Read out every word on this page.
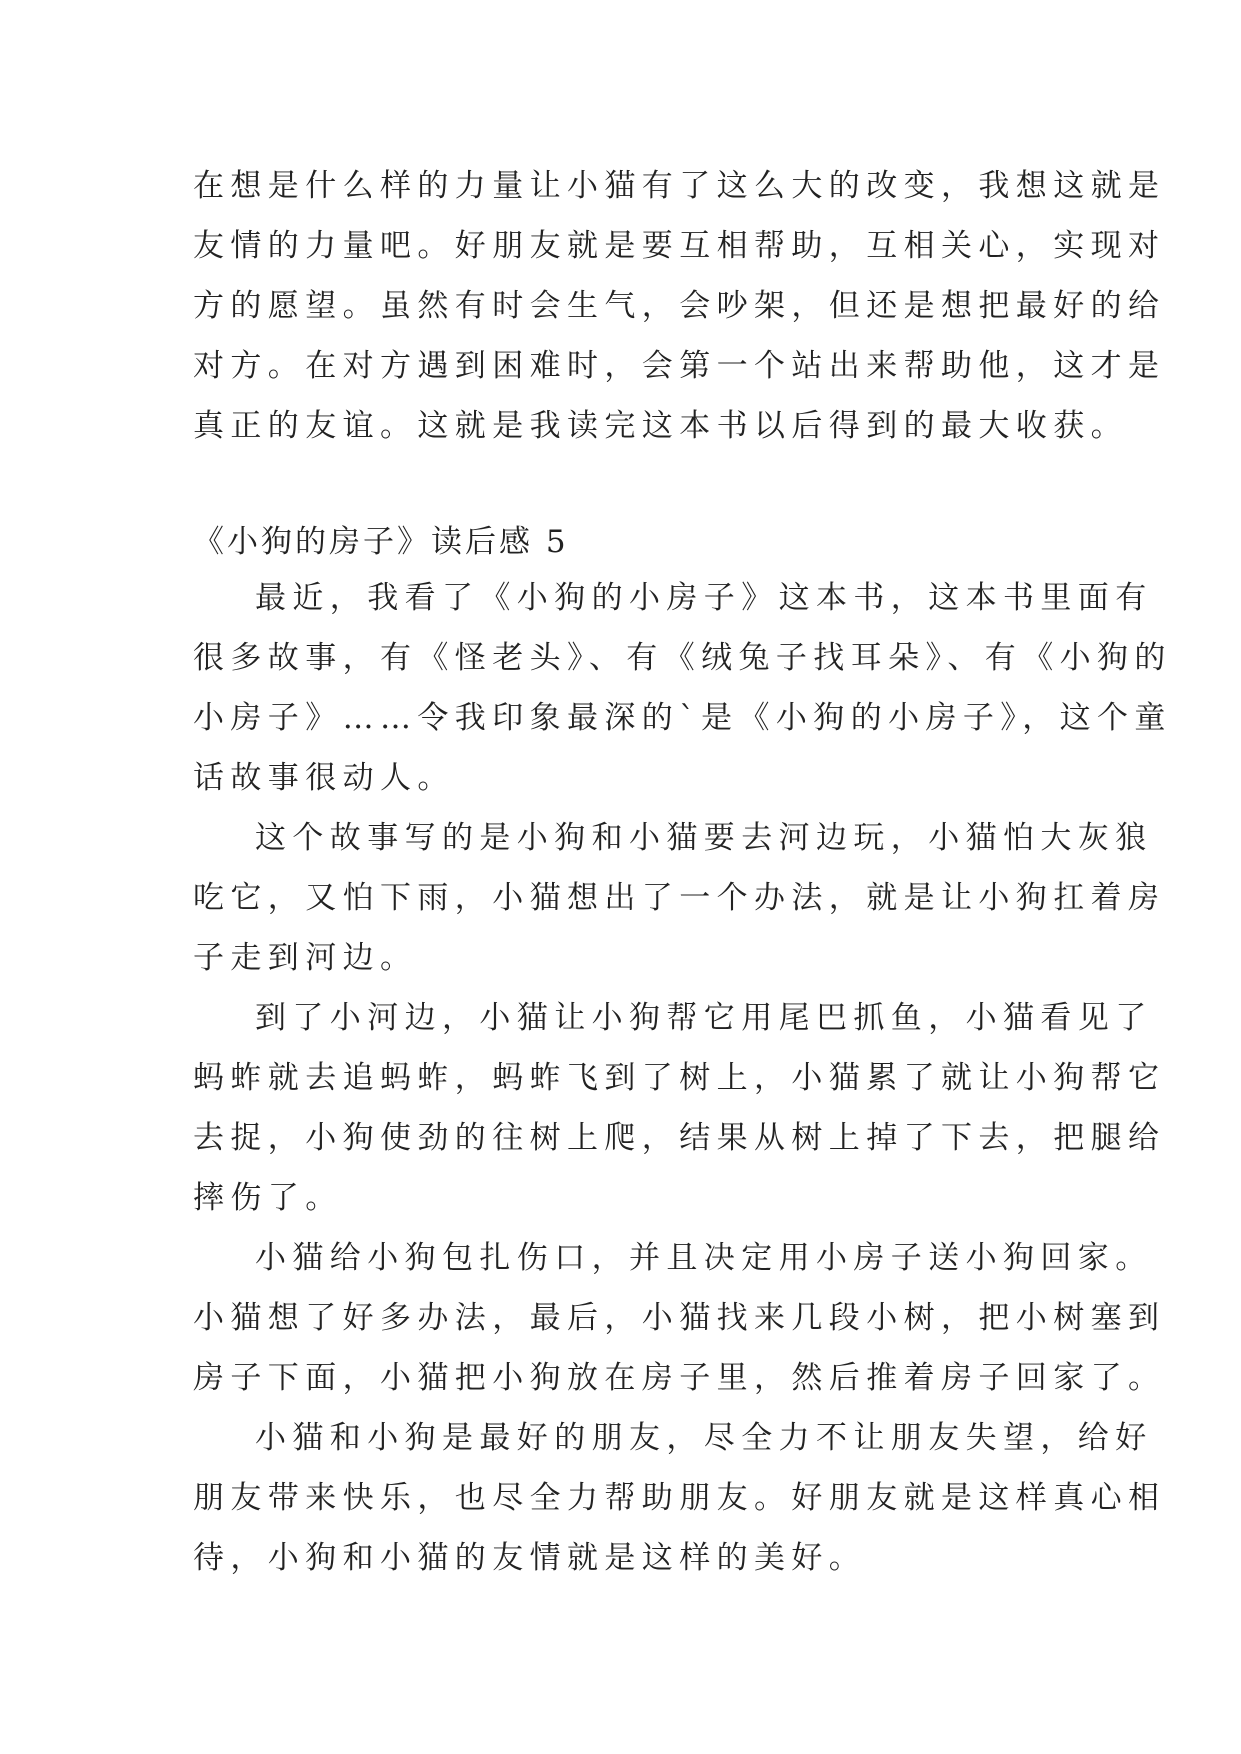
在想是什么样的力量让小猫有了这么大的改变，我想这就是
友情的力量吧。好朋友就是要互相帮助，互相关心，实现对
方的愿望。虽然有时会生气，会吵架，但还是想把最好的给
对方。在对方遇到困难时，会第一个站出来帮助他，这才是
真正的友谊。这就是我读完这本书以后得到的最大收获。
《小狗的房子》读后感 5
最近，我看了《小狗的小房子》这本书，这本书里面有
很多故事，有《怪老头》、有《绒兔子找耳朵》、有《小狗的
小房子》……令我印象最深的`是《小狗的小房子》，这个童
话故事很动人。
这个故事写的是小狗和小猫要去河边玩，小猫怕大灰狼
吃它，又怕下雨，小猫想出了一个办法，就是让小狗扛着房
子走到河边。
到了小河边，小猫让小狗帮它用尾巴抓鱼，小猫看见了
蚂蚱就去追蚂蚱，蚂蚱飞到了树上，小猫累了就让小狗帮它
去捉，小狗使劲的往树上爬，结果从树上掉了下去，把腿给
摔伤了。
小猫给小狗包扎伤口，并且决定用小房子送小狗回家。
小猫想了好多办法，最后，小猫找来几段小树，把小树塞到
房子下面，小猫把小狗放在房子里，然后推着房子回家了。
小猫和小狗是最好的朋友，尽全力不让朋友失望，给好
朋友带来快乐，也尽全力帮助朋友。好朋友就是这样真心相
待，小狗和小猫的友情就是这样的美好。
